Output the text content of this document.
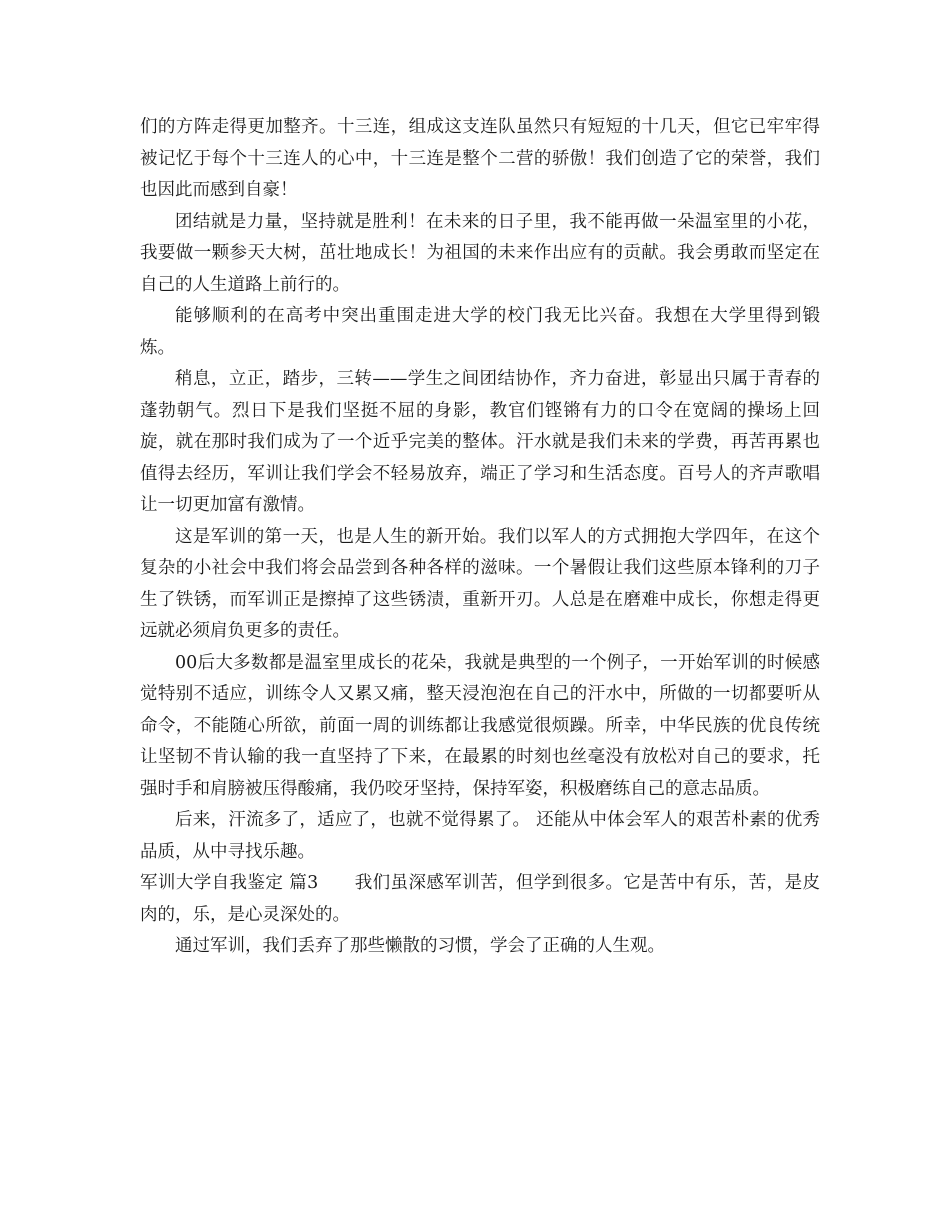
们的方阵走得更加整齐。十三连，组成这支连队虽然只有短短的十几天，但它已牢牢得被记忆于每个十三连人的心中，十三连是整个二营的骄傲！我们创造了它的荣誉，我们也因此而感到自豪！

团结就是力量，坚持就是胜利！在未来的日子里，我不能再做一朵温室里的小花，我要做一颗参天大树，茁壮地成长！为祖国的未来作出应有的贡献。我会勇敢而坚定在自己的人生道路上前行的。

能够顺利的在高考中突出重围走进大学的校门我无比兴奋。我想在大学里得到锻炼。

稍息，立正，踏步，三转——学生之间团结协作，齐力奋进，彰显出只属于青春的蓬勃朝气。烈日下是我们坚挺不屈的身影，教官们铿锵有力的口令在宽阔的操场上回旋，就在那时我们成为了一个近乎完美的整体。汗水就是我们未来的学费，再苦再累也值得去经历，军训让我们学会不轻易放弃，端正了学习和生活态度。百号人的齐声歌唱让一切更加富有激情。

这是军训的第一天，也是人生的新开始。我们以军人的方式拥抱大学四年，在这个复杂的小社会中我们将会品尝到各种各样的滋味。一个暑假让我们这些原本锋利的刀子生了铁锈，而军训正是擦掉了这些锈渍，重新开刃。人总是在磨难中成长，你想走得更远就必须肩负更多的责任。

00后大多数都是温室里成长的花朵，我就是典型的一个例子，一开始军训的时候感觉特别不适应，训练令人又累又痛，整天浸泡泡在自己的汗水中，所做的一切都要听从命令，不能随心所欲，前面一周的训练都让我感觉很烦躁。所幸，中华民族的优良传统让坚韧不肯认输的我一直坚持了下来，在最累的时刻也丝毫没有放松对自己的要求，托强时手和肩膀被压得酸痛，我仍咬牙坚持，保持军姿，积极磨练自己的意志品质。

后来，汗流多了，适应了，也就不觉得累了。 还能从中体会军人的艰苦朴素的优秀品质，从中寻找乐趣。

军训大学自我鉴定 篇3 我们虽深感军训苦，但学到很多。它是苦中有乐，苦，是皮肉的，乐，是心灵深处的。

通过军训，我们丢弃了那些懒散的习惯，学会了正确的人生观。
